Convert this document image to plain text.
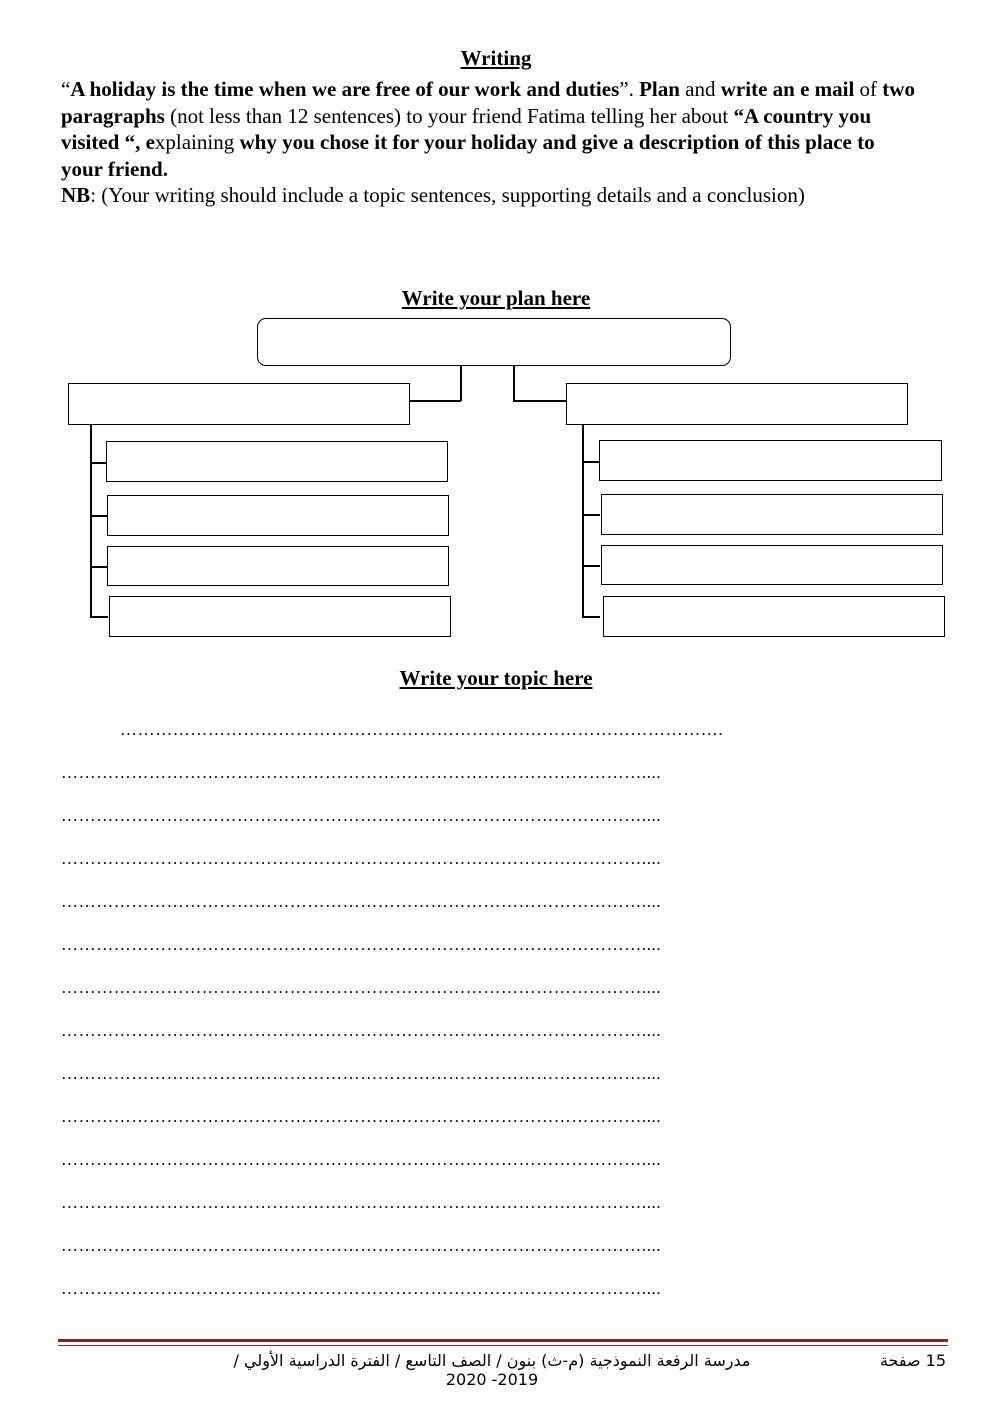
Writing
“A holiday is the time when we are free of our work and duties”. Plan and write an e mail of two paragraphs (not less than 12 sentences) to your friend Fatima telling her about “A country you visited “, explaining why you chose it for your holiday and give a description of this place to your friend.
NB: (Your writing should include a topic sentences, supporting details and a conclusion)
Write your plan here
Write your topic here
………………………………………………………………………………………….
………………………………………………………………………………………....
………………………………………………………………………………………....
………………………………………………………………………………………....
………………………………………………………………………………………....
………………………………………………………………………………………....
………………………………………………………………………………………....
………………………………………………………………………………………....
………………………………………………………………………………………....
………………………………………………………………………………………....
………………………………………………………………………………………....
………………………………………………………………………………………....
………………………………………………………………………………………....
………………………………………………………………………………………....
مدرسة الرفعة النموذجية (م-ث) بنون / الصف التاسع / الفترة الدراسية الأولي / 2019- 2020
15 صفحة
